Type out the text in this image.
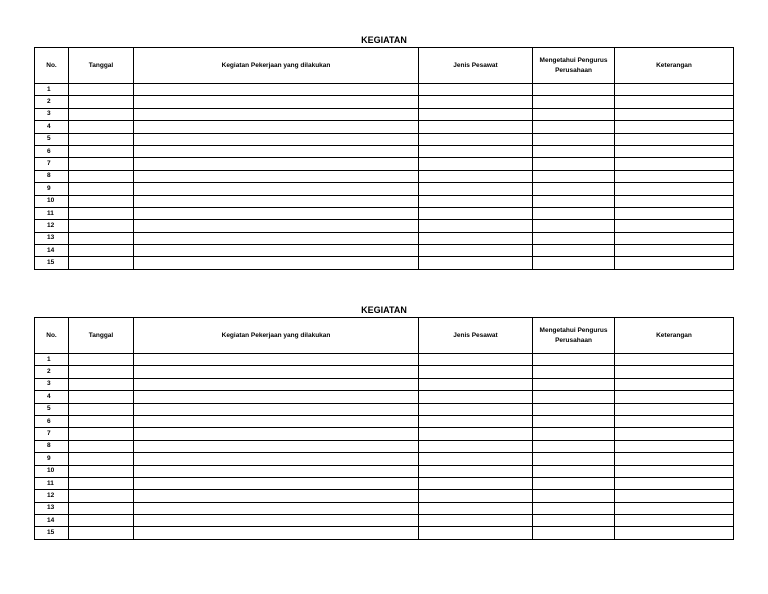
KEGIATAN
No.	Tanggal	Kegiatan Pekerjaan yang dilakukan	Jenis Pesawat	Mengetahui Pengurus Perusahaan	Keterangan
1					
2					
3					
4					
5					
6					
7					
8					
9					
10					
11					
12					
13					
14					
15					
KEGIATAN
No.	Tanggal	Kegiatan Pekerjaan yang dilakukan	Jenis Pesawat	Mengetahui Pengurus Perusahaan	Keterangan
1					
2					
3					
4					
5					
6					
7					
8					
9					
10					
11					
12					
13					
14					
15					
